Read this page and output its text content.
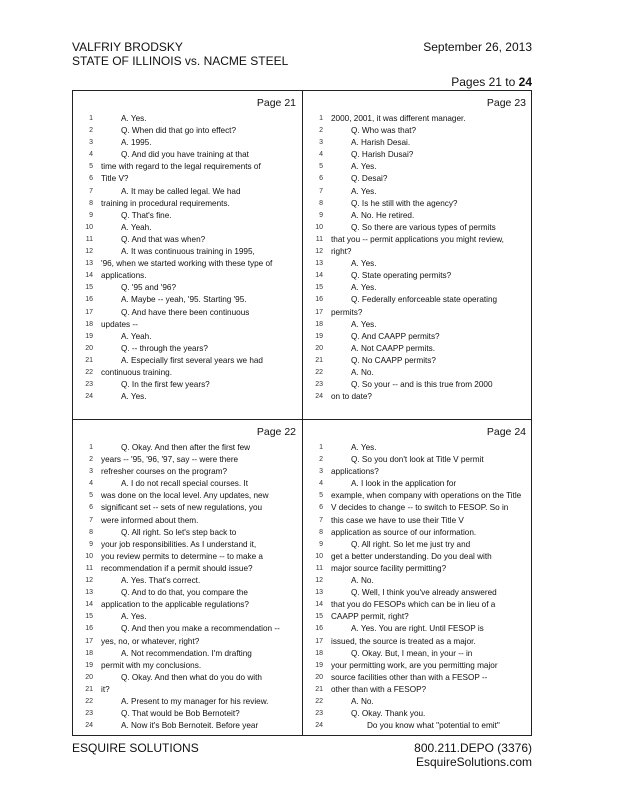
VALFRIY BRODSKY
STATE OF ILLINOIS vs. NACME STEEL
September 26, 2013
Pages 21 to 24
Page 21
1	A. Yes.
2	Q. When did that go into effect?
3	A. 1995.
4	Q. And did you have training at that
5 time with regard to the legal requirements of
6 Title V?
7	A. It may be called legal. We had
8 training in procedural requirements.
9	Q. That's fine.
10	A. Yeah.
11	Q. And that was when?
12	A. It was continuous training in 1995,
13 '96, when we started working with these type of
14 applications.
15	Q. '95 and '96?
16	A. Maybe -- yeah, '95. Starting '95.
17	Q. And have there been continuous
18 updates --
19	A. Yeah.
20	Q. -- through the years?
21	A. Especially first several years we had
22 continuous training.
23	Q. In the first few years?
24	A. Yes.
Page 23
1 2000, 2001, it was different manager.
2	Q. Who was that?
3	A. Harish Desai.
4	Q. Harish Dusai?
5	A. Yes.
6	Q. Desai?
7	A. Yes.
8	Q. Is he still with the agency?
9	A. No. He retired.
10	Q. So there are various types of permits
11 that you -- permit applications you might review,
12 right?
13	A. Yes.
14	Q. State operating permits?
15	A. Yes.
16	Q. Federally enforceable state operating
17 permits?
18	A. Yes.
19	Q. And CAAPP permits?
20	A. Not CAAPP permits.
21	Q. No CAAPP permits?
22	A. No.
23	Q. So your -- and is this true from 2000
24 on to date?
Page 22
1	Q. Okay. And then after the first few
2 years -- '95, '96, '97, say -- were there
3 refresher courses on the program?
4	A. I do not recall special courses. It
5 was done on the local level. Any updates, new
6 significant set -- sets of new regulations, you
7 were informed about them.
8	Q. All right. So let's step back to
9 your job responsibilities. As I understand it,
10 you review permits to determine -- to make a
11 recommendation if a permit should issue?
12	A. Yes. That's correct.
13	Q. And to do that, you compare the
14 application to the applicable regulations?
15	A. Yes.
16	Q. And then you make a recommendation --
17 yes, no, or whatever, right?
18	A. Not recommendation. I'm drafting
19 permit with my conclusions.
20	Q. Okay. And then what do you do with
21 it?
22	A. Present to my manager for his review.
23	Q. That would be Bob Bernoteit?
24	A. Now it's Bob Bernoteit. Before year
Page 24
1	A. Yes.
2	Q. So you don't look at Title V permit
3 applications?
4	A. I look in the application for
5 example, when company with operations on the Title
6 V decides to change -- to switch to FESOP. So in
7 this case we have to use their Title V
8 application as source of our information.
9	Q. All right. So let me just try and
10 get a better understanding. Do you deal with
11 major source facility permitting?
12	A. No.
13	Q. Well, I think you've already answered
14 that you do FESOPs which can be in lieu of a
15 CAAPP permit, right?
16	A. Yes. You are right. Until FESOP is
17 issued, the source is treated as a major.
18	Q. Okay. But, I mean, in your -- in
19 your permitting work, are you permitting major
20 source facilities other than with a FESOP --
21 other than with a FESOP?
22	A. No.
23	Q. Okay. Thank you.
24	Do you know what "potential to emit"
ESQUIRE SOLUTIONS	800.211.DEPO (3376)
EsquireSolutions.com
